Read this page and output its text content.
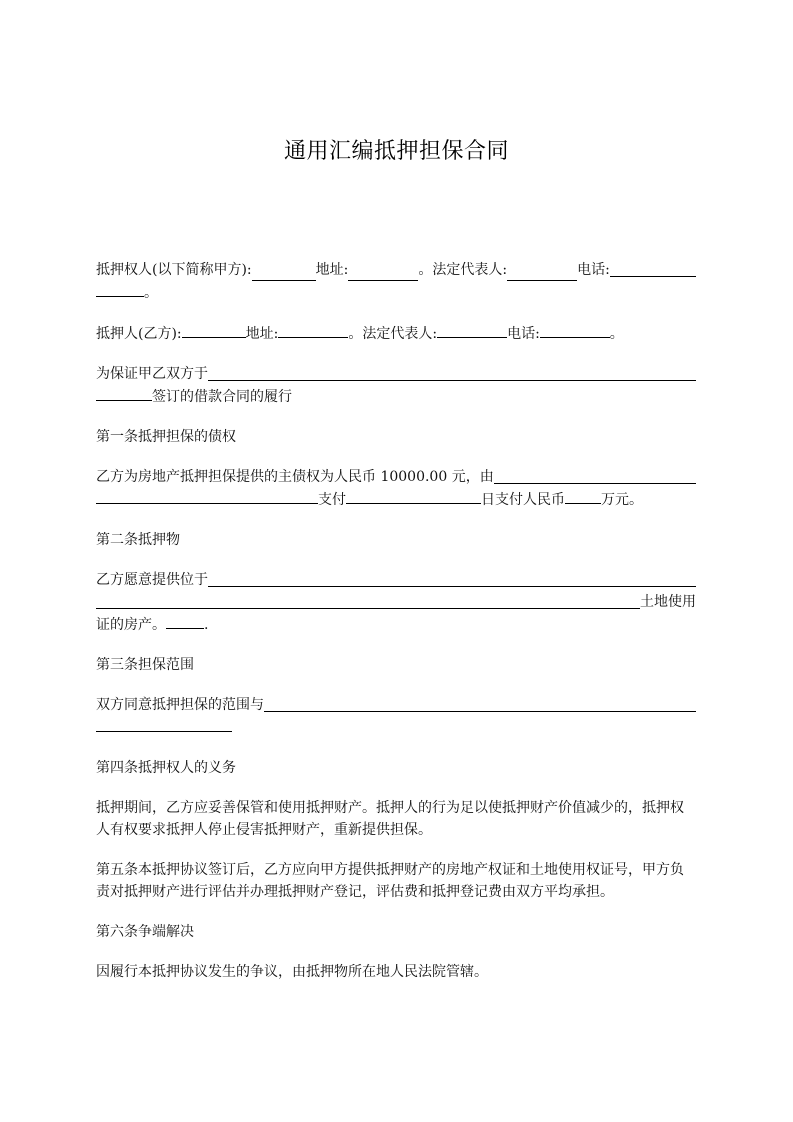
通用汇编抵押担保合同
抵押权人(以下简称甲方):	地址:	。 法定代表人:	电话:
。
抵押人(乙方):	地址:	。法定代表人:	电话:	。
为保证甲乙双方于
签订的借款合同的履行
第一条抵押担保的债权
乙方为房地产抵押担保提供的主债权为人民币 10000.00 元，由
支付	日支付人民币	万元。
第二条抵押物
乙方愿意提供位于
土地使用
证的房产。	.
第三条担保范围
双方同意抵押担保的范围与
第四条抵押权人的义务
抵押期间，乙方应妥善保管和使用抵押财产。抵押人的行为足以使抵押财产价值减少的，抵押权人有权要求抵押人停止侵害抵押财产，重新提供担保。
第五条本抵押协议签订后，乙方应向甲方提供抵押财产的房地产权证和土地使用权证号，甲方负责对抵押财产进行评估并办理抵押财产登记，评估费和抵押登记费由双方平均承担。
第六条争端解决
因履行本抵押协议发生的争议，由抵押物所在地人民法院管辖。
